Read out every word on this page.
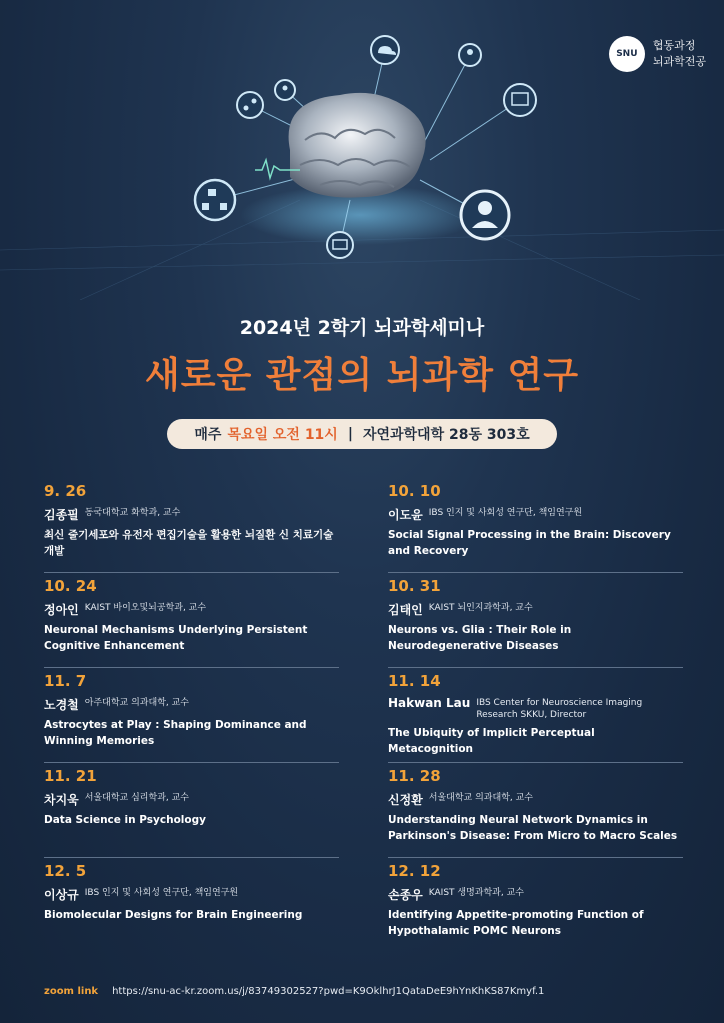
SNU
협동과정
뇌과학전공
2024년 2학기 뇌과학세미나
새로운 관점의 뇌과학 연구
매주 목요일 오전 11시 | 자연과학대학 28동 303호
9. 26
김종필 동국대학교 화학과, 교수
최신 줄기세포와 유전자 편집기술을 활용한 뇌질환 신 치료기술 개발
10. 24
정아인 KAIST 바이오및뇌공학과, 교수
Neuronal Mechanisms Underlying Persistent Cognitive Enhancement
11. 7
노경철 아주대학교 의과대학, 교수
Astrocytes at Play : Shaping Dominance and Winning Memories
11. 21
차지욱 서울대학교 심리학과, 교수
Data Science in Psychology
12. 5
이상규 IBS 인지 및 사회성 연구단, 책임연구원
Biomolecular Designs for Brain Engineering
10. 10
이도윤 IBS 인지 및 사회성 연구단, 책임연구원
Social Signal Processing in the Brain: Discovery and Recovery
10. 31
김태인 KAIST 뇌인지과학과, 교수
Neurons vs. Glia : Their Role in Neurodegenerative Diseases
11. 14
Hakwan Lau IBS Center for Neuroscience Imaging Research SKKU, Director
The Ubiquity of Implicit Perceptual Metacognition
11. 28
신정환 서울대학교 의과대학, 교수
Understanding Neural Network Dynamics in Parkinson's Disease: From Micro to Macro Scales
12. 12
손종우 KAIST 생명과학과, 교수
Identifying Appetite-promoting Function of Hypothalamic POMC Neurons
zoom link https://snu-ac-kr.zoom.us/j/83749302527?pwd=K9OklhrJ1QataDeE9hYnKhKS87Kmyf.1
